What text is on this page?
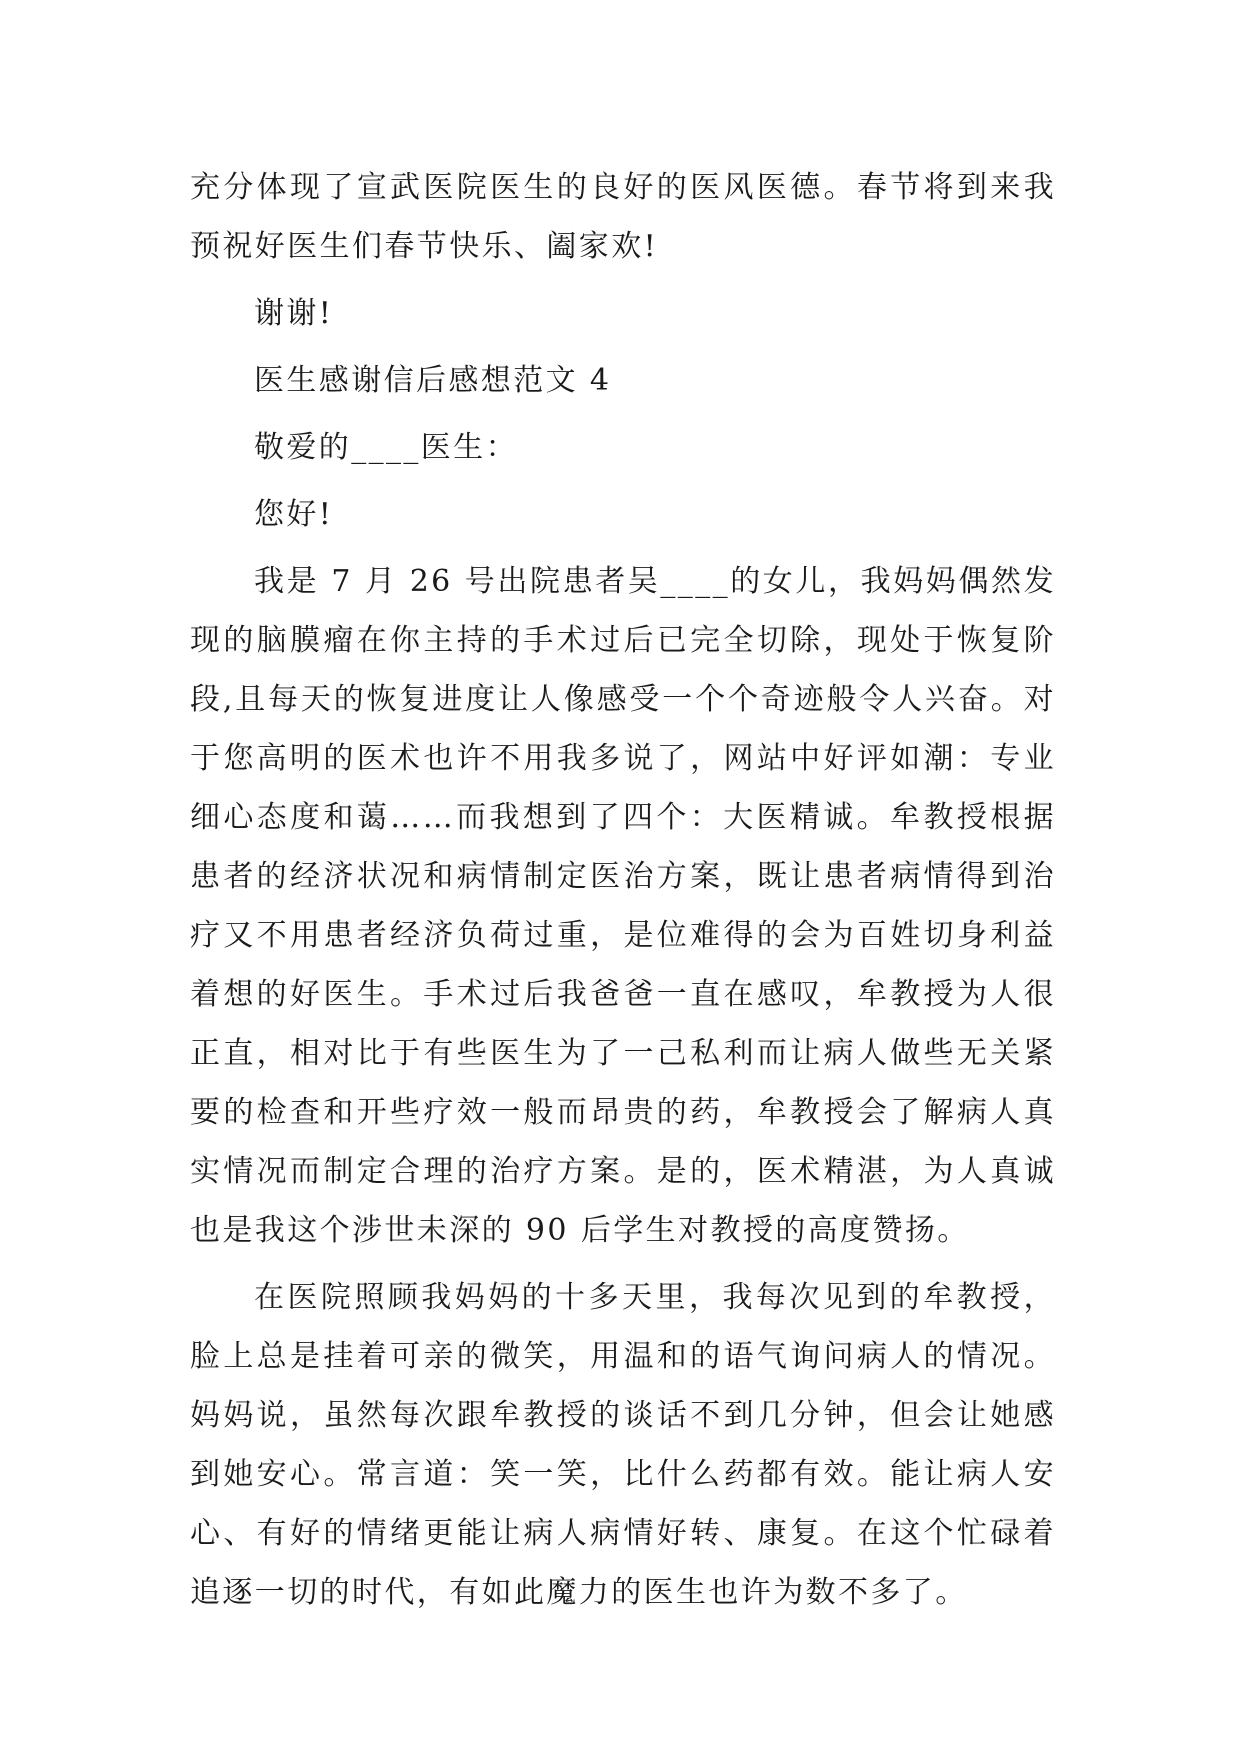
充分体现了宣武医院医生的良好的医风医德。春节将到来我预祝好医生们春节快乐、阖家欢!

谢谢!

医生感谢信后感想范文 4

敬爱的____医生：

您好!

我是 7 月 26 号出院患者吴____的女儿，我妈妈偶然发现的脑膜瘤在你主持的手术过后已完全切除，现处于恢复阶段,且每天的恢复进度让人像感受一个个奇迹般令人兴奋。对于您高明的医术也许不用我多说了，网站中好评如潮：专业细心态度和蔼……而我想到了四个：大医精诚。牟教授根据患者的经济状况和病情制定医治方案，既让患者病情得到治疗又不用患者经济负荷过重，是位难得的会为百姓切身利益着想的好医生。手术过后我爸爸一直在感叹，牟教授为人很正直，相对比于有些医生为了一己私利而让病人做些无关紧要的检查和开些疗效一般而昂贵的药，牟教授会了解病人真实情况而制定合理的治疗方案。是的，医术精湛，为人真诚也是我这个涉世未深的 90 后学生对教授的高度赞扬。

在医院照顾我妈妈的十多天里，我每次见到的牟教授，脸上总是挂着可亲的微笑，用温和的语气询问病人的情况。妈妈说，虽然每次跟牟教授的谈话不到几分钟，但会让她感到她安心。常言道：笑一笑，比什么药都有效。能让病人安心、有好的情绪更能让病人病情好转、康复。在这个忙碌着追逐一切的时代，有如此魔力的医生也许为数不多了。
